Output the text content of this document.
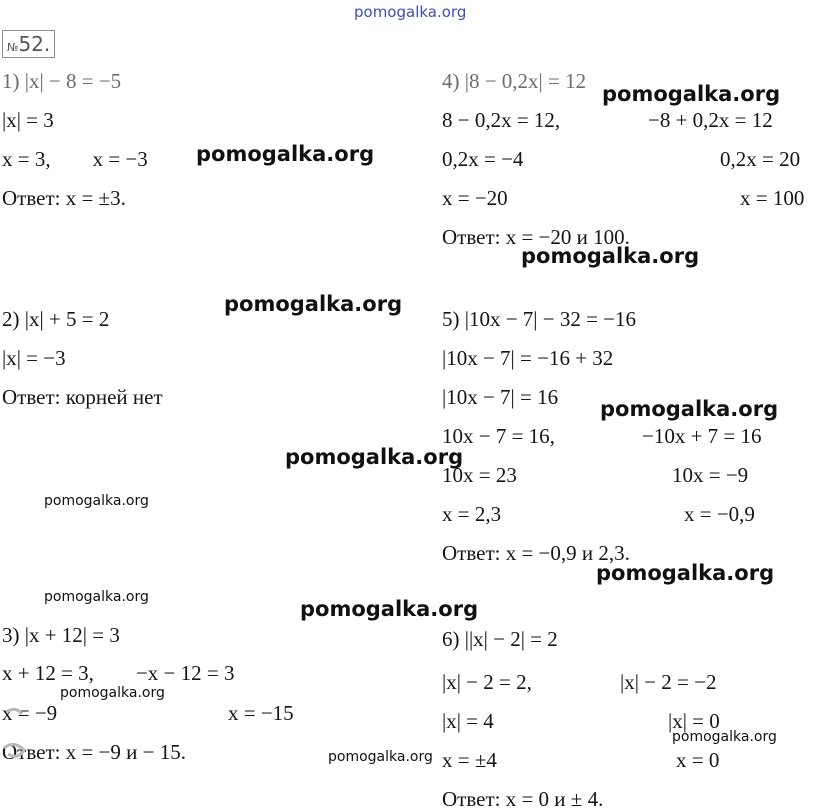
pomogalka.org
№52.
1) |x| − 8 = −5
|x| = 3
x = 3,        x = −3
Ответ: x = ±3.
2) |x| + 5 = 2
|x| = −3
Ответ: корней нет
3) |x + 12| = 3
x + 12 = 3,        −x − 12 = 3
x = −9	x = −15
Ответ: x = −9 и − 15.
4) |8 − 0,2x| = 12
8 − 0,2x = 12,	−8 + 0,2x = 12
0,2x = −4	0,2x = 20
x = −20	x = 100
Ответ: x = −20 и 100.
5) |10x − 7| − 32 = −16
|10x − 7| = −16 + 32
|10x − 7| = 16
10x − 7 = 16,	−10x + 7 = 16
10x = 23	10x = −9
x = 2,3	x = −0,9
Ответ: x = −0,9 и 2,3.
6) ||x| − 2| = 2
|x| − 2 = 2,	|x| − 2 = −2
|x| = 4	|x| = 0
x = ±4	x = 0
Ответ: x = 0 и ± 4.
pomogalka.org
pomogalka.org
pomogalka.org
pomogalka.org
pomogalka.org
pomogalka.org
pomogalka.org
pomogalka.org
pomogalka.org	pomogalka.org
pomogalka.org
pomogalka.org
pomogalka.org
